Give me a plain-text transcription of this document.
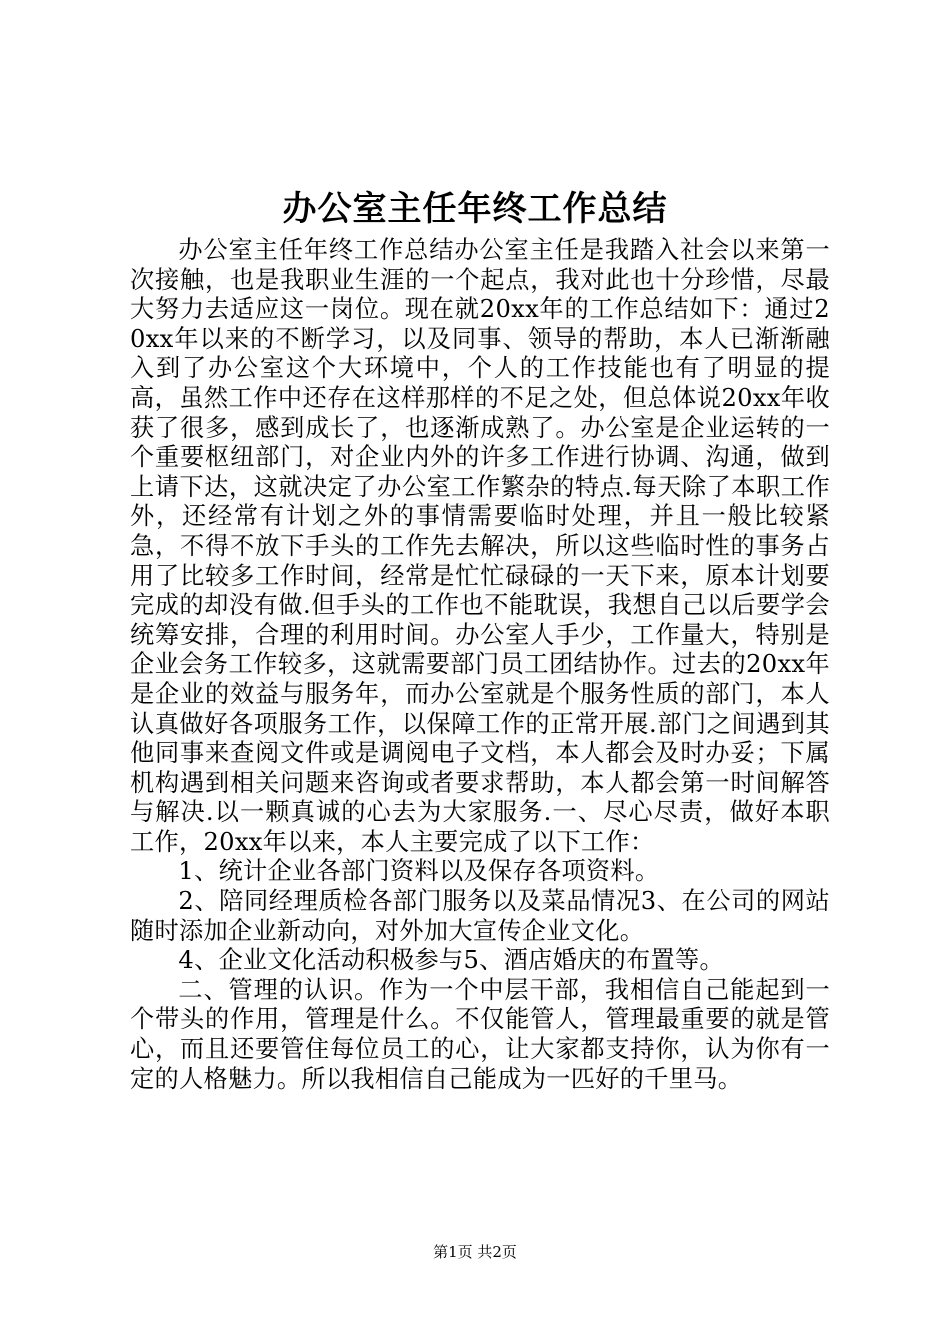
办公室主任年终工作总结

办公室主任年终工作总结办公室主任是我踏入社会以来第一次接触，也是我职业生涯的一个起点，我对此也十分珍惜，尽最大努力去适应这一岗位。现在就20xx年的工作总结如下：通过20xx年以来的不断学习，以及同事、领导的帮助，本人已渐渐融入到了办公室这个大环境中，个人的工作技能也有了明显的提高，虽然工作中还存在这样那样的不足之处，但总体说20xx年收获了很多，感到成长了，也逐渐成熟了。办公室是企业运转的一个重要枢纽部门，对企业内外的许多工作进行协调、沟通，做到上请下达，这就决定了办公室工作繁杂的特点.每天除了本职工作外，还经常有计划之外的事情需要临时处理，并且一般比较紧急，不得不放下手头的工作先去解决，所以这些临时性的事务占用了比较多工作时间，经常是忙忙碌碌的一天下来，原本计划要完成的却没有做.但手头的工作也不能耽误，我想自己以后要学会统筹安排，合理的利用时间。办公室人手少，工作量大，特别是企业会务工作较多，这就需要部门员工团结协作。过去的20xx年是企业的效益与服务年，而办公室就是个服务性质的部门，本人认真做好各项服务工作，以保障工作的正常开展.部门之间遇到其他同事来查阅文件或是调阅电子文档，本人都会及时办妥；下属机构遇到相关问题来咨询或者要求帮助，本人都会第一时间解答与解决.以一颗真诚的心去为大家服务.一、尽心尽责，做好本职工作，20xx年以来，本人主要完成了以下工作：

1、统计企业各部门资料以及保存各项资料。

2、陪同经理质检各部门服务以及菜品情况3、在公司的网站随时添加企业新动向，对外加大宣传企业文化。

4、企业文化活动积极参与5、酒店婚庆的布置等。

二、管理的认识。作为一个中层干部，我相信自己能起到一个带头的作用，管理是什么。不仅能管人，管理最重要的就是管心，而且还要管住每位员工的心，让大家都支持你，认为你有一定的人格魅力。所以我相信自己能成为一匹好的千里马。

第1页 共2页
